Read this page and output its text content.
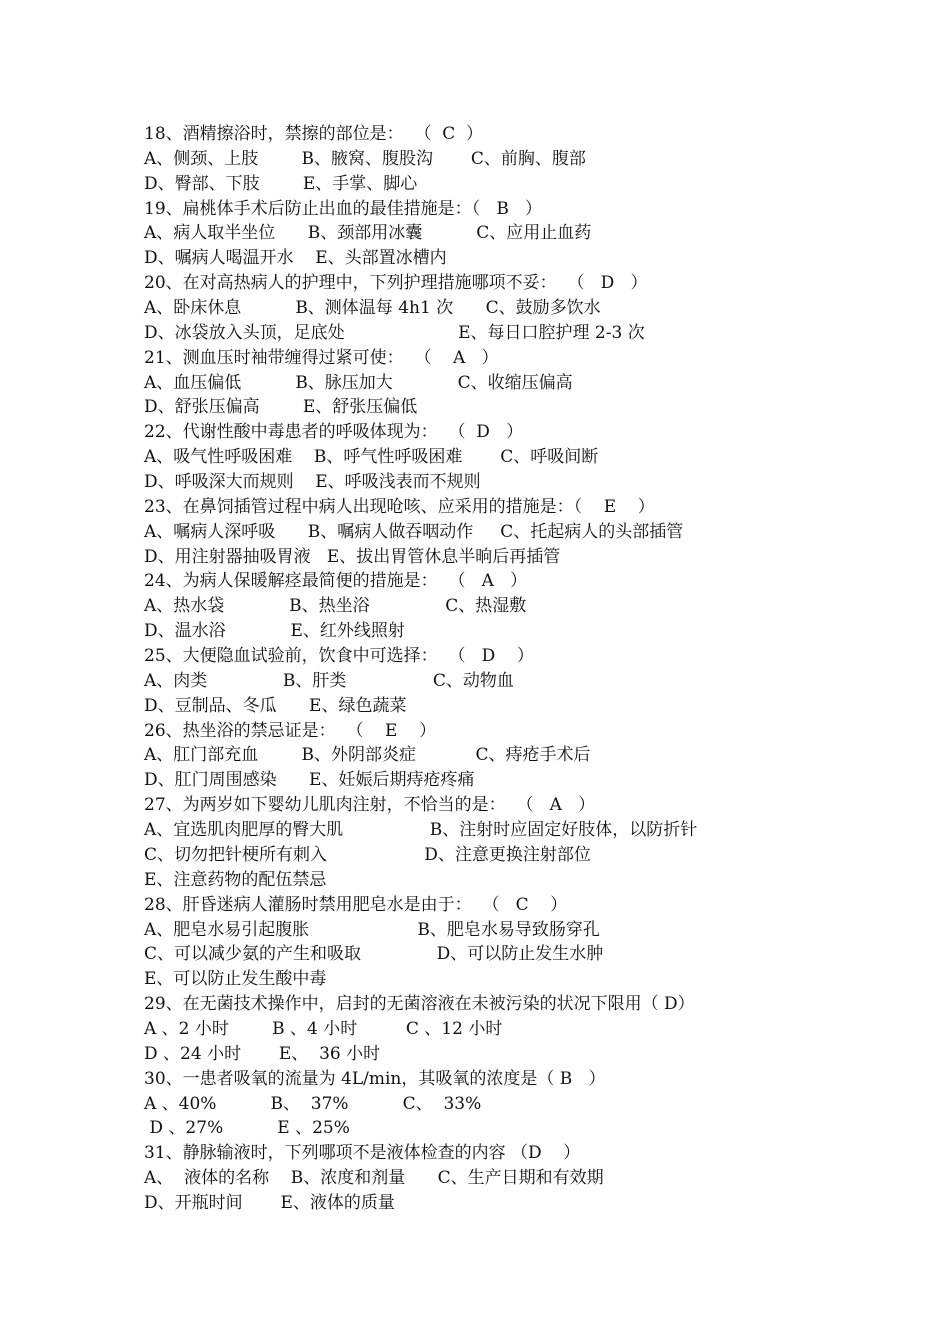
18、酒精擦浴时，禁擦的部位是：  （  C  ）
A、侧颈、上肢        B、腋窝、腹股沟       C、前胸、腹部
D、臀部、下肢        E、手掌、脚心
19、扁桃体手术后防止出血的最佳措施是：（   B   ）
A、病人取半坐位      B、颈部用冰囊          C、应用止血药
D、嘱病人喝温开水    E、头部置冰槽内
20、在对高热病人的护理中，下列护理措施哪项不妥：  （   D   ）
A、卧床休息          B、测体温每 4h1 次      C、鼓励多饮水
D、冰袋放入头顶，足底处                     E、每日口腔护理 2-3 次
21、测血压时袖带缠得过紧可使：  （    A   ）
A、血压偏低          B、脉压加大            C、收缩压偏高
D、舒张压偏高        E、舒张压偏低
22、代谢性酸中毒患者的呼吸体现为：  （  D   ）
A、吸气性呼吸困难    B、呼气性呼吸困难       C、呼吸间断
D、呼吸深大而规则    E、呼吸浅表而不规则
23、在鼻饲插管过程中病人出现呛咳、应采用的措施是：（    E    ）
A、嘱病人深呼吸      B、嘱病人做吞咽动作     C、托起病人的头部插管
D、用注射器抽吸胃液   E、拔出胃管休息半晌后再插管
24、为病人保暖解痉最简便的措施是：  （   A   ）
A、热水袋            B、热坐浴              C、热湿敷
D、温水浴            E、红外线照射
25、大便隐血试验前，饮食中可选择：  （   D    ）
A、肉类              B、肝类                C、动物血
D、豆制品、冬瓜      E、绿色蔬菜
26、热坐浴的禁忌证是：  （    E    ）
A、肛门部充血        B、外阴部炎症           C、痔疮手术后
D、肛门周围感染      E、妊娠后期痔疮疼痛
27、为两岁如下婴幼儿肌肉注射，不恰当的是：  （   A   ）
A、宜选肌肉肥厚的臀大肌                B、注射时应固定好肢体，以防折针
C、切勿把针梗所有刺入                  D、注意更换注射部位
E、注意药物的配伍禁忌
28、肝昏迷病人灌肠时禁用肥皂水是由于：  （   C    ）
A、肥皂水易引起腹胀                    B、肥皂水易导致肠穿孔
C、可以减少氨的产生和吸取              D、可以防止发生水肿
E、可以防止发生酸中毒
29、在无菌技术操作中，启封的无菌溶液在未被污染的状况下限用（ D）
A 、2 小时        B 、4 小时         C 、12 小时
D 、24 小时       E、  36 小时
30、一患者吸氧的流量为 4L/min，其吸氧的浓度是（ B   ）
A 、40%          B、  37%          C、  33%
D 、27%          E 、25%
31、静脉输液时，下列哪项不是液体检查的内容 （D    ）
A、  液体的名称    B、浓度和剂量      C、生产日期和有效期
D、开瓶时间       E、液体的质量
